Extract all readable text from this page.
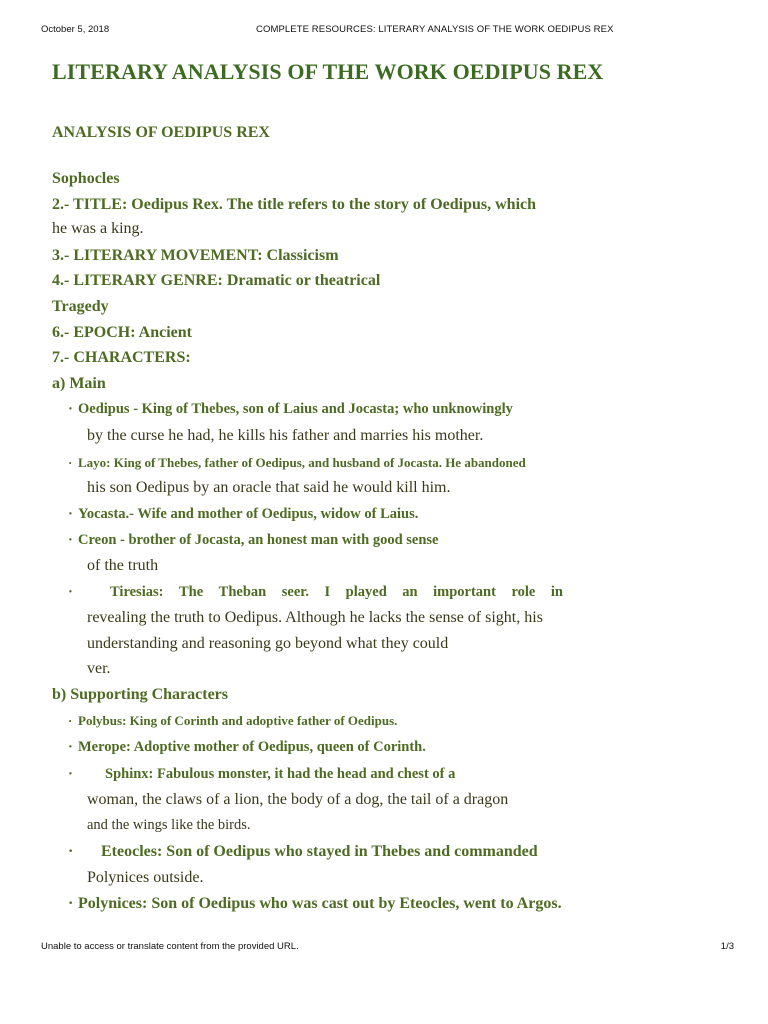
October 5, 2018	COMPLETE RESOURCES: LITERARY ANALYSIS OF THE WORK OEDIPUS REX
LITERARY ANALYSIS OF THE WORK OEDIPUS REX
ANALYSIS OF OEDIPUS REX
Sophocles
2.- TITLE: Oedipus Rex. The title refers to the story of Oedipus, which
he was a king.
3.- LITERARY MOVEMENT: Classicism
4.- LITERARY GENRE: Dramatic or theatrical
Tragedy
6.- EPOCH: Ancient
7.- CHARACTERS:
a) Main
· Oedipus - King of Thebes, son of Laius and Jocasta; who unknowingly
by the curse he had, he kills his father and marries his mother.
· Layo: King of Thebes, father of Oedipus, and husband of Jocasta. He abandoned
his son Oedipus by an oracle that said he would kill him.
· Yocasta.- Wife and mother of Oedipus, widow of Laius.
· Creon - brother of Jocasta, an honest man with good sense
of the truth
·	Tiresias: The Theban seer. I played an important role in
revealing the truth to Oedipus. Although he lacks the sense of sight, his
understanding and reasoning go beyond what they could
ver.
b) Supporting Characters
· Polybus: King of Corinth and adoptive father of Oedipus.
· Merope: Adoptive mother of Oedipus, queen of Corinth.
· Sphinx: Fabulous monster, it had the head and chest of a
woman, the claws of a lion, the body of a dog, the tail of a dragon
and the wings like the birds.
· Eteocles: Son of Oedipus who stayed in Thebes and commanded
Polynices outside.
· Polynices: Son of Oedipus who was cast out by Eteocles, went to Argos.
Unable to access or translate content from the provided URL.	1/3
